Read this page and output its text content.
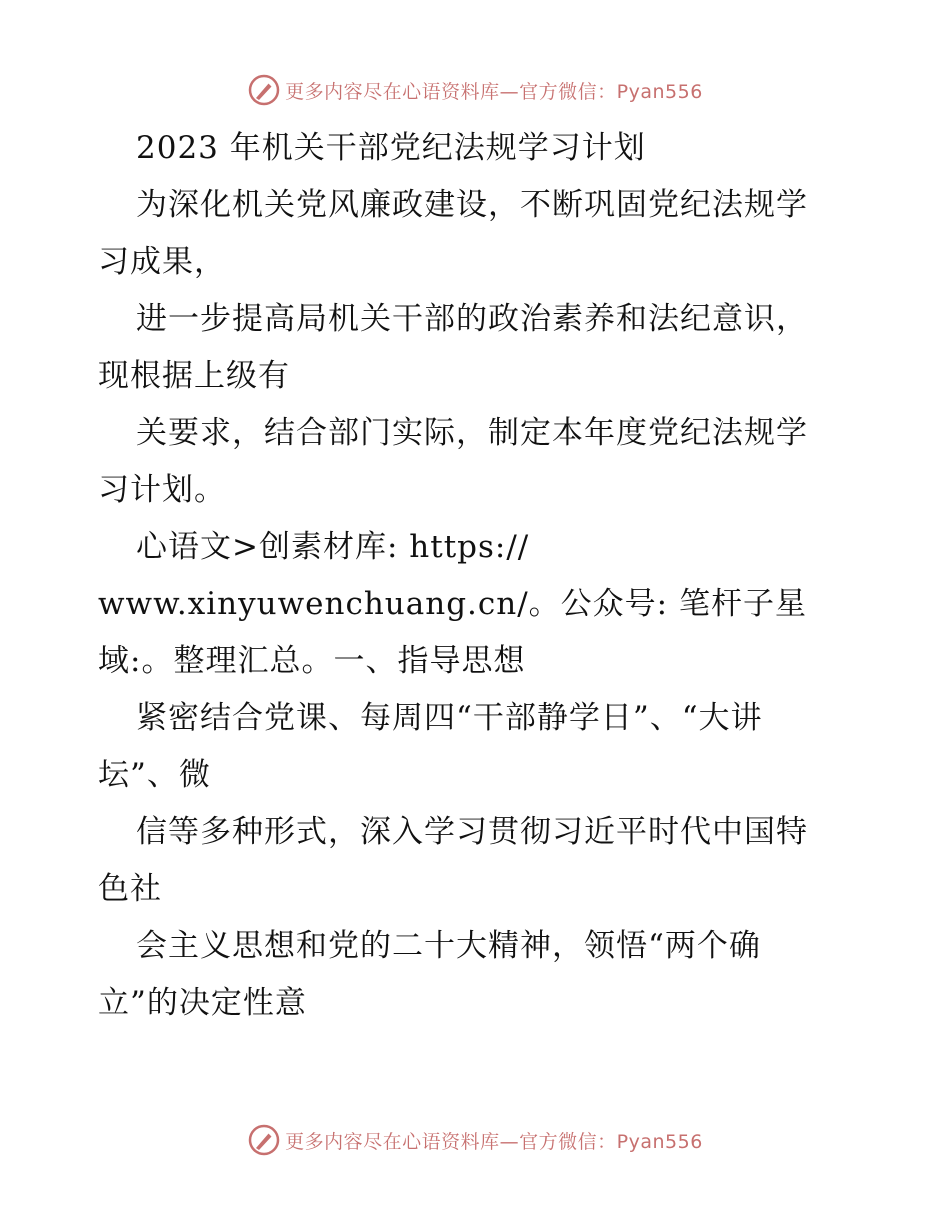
更多内容尽在心语资料库—官方微信：Pyan556
2023 年机关干部党纪法规学习计划
为深化机关党风廉政建设，不断巩固党纪法规学
习成果，
进一步提高局机关干部的政治素养和法纪意识，
现根据上级有
关要求，结合部门实际，制定本年度党纪法规学
习计划。
心语文>创素材库: https://
www.xinyuwenchuang.cn/。公众号: 笔杆子星
域:。整理汇总。一、指导思想
紧密结合党课、每周四“干部静学日”、“大讲
坛”、微
信等多种形式，深入学习贯彻习近平时代中国特
色社
会主义思想和党的二十大精神，领悟“两个确
立”的决定性意
更多内容尽在心语资料库—官方微信：Pyan556
